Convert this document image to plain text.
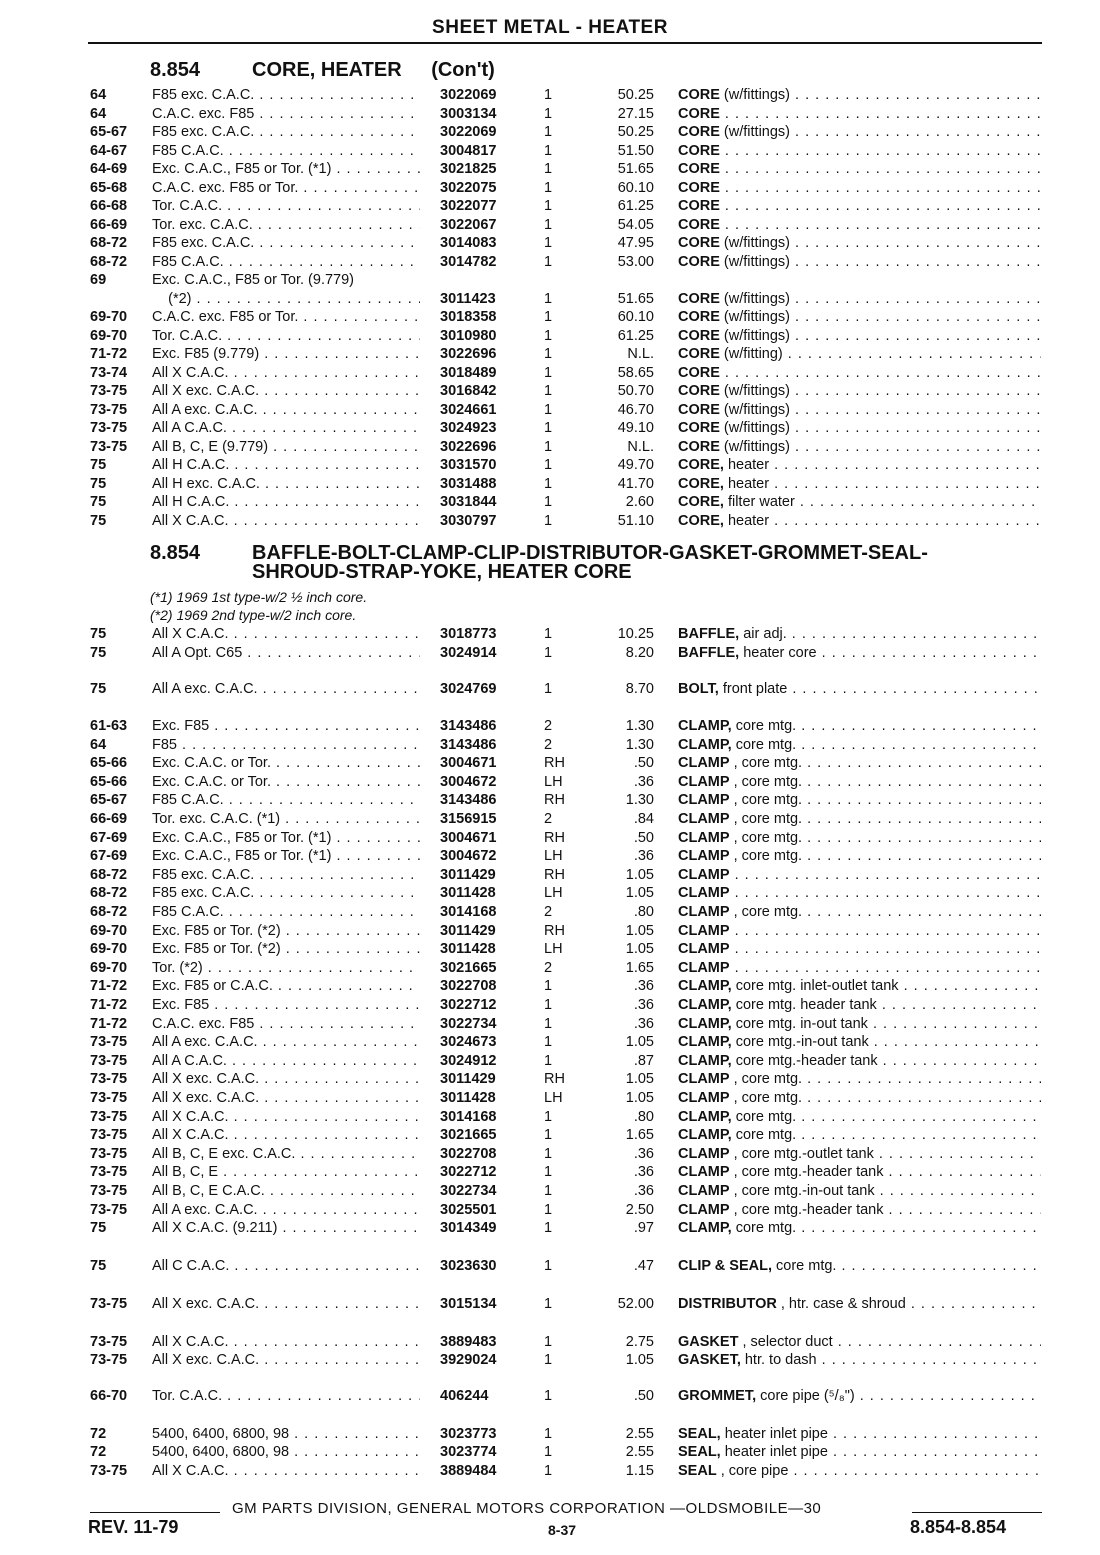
SHEET METAL - HEATER
8.854	CORE, HEATER (Con't)
64	F85 exc. C.A.C. . . .	3022069	1	50.25 CORE (w/fittings) . . .
64	C.A.C. exc. F85 . . .	3003134	1	27.15 CORE . . .
65-67 F85 exc. C.A.C. . . .	3022069	1	50.25 CORE (w/fittings) . . .
64-67 F85 C.A.C. . . .	3004817	1	51.50 CORE . . .
64-69 Exc. C.A.C., F85 or Tor. (*1) . . .	3021825	1	51.65 CORE . . .
65-68 C.A.C. exc. F85 or Tor. . . .	3022075	1	60.10 CORE . . .
66-68 Tor. C.A.C. . . .	3022077	1	61.25 CORE . . .
66-69 Tor. exc. C.A.C. . . .	3022067	1	54.05 CORE . . .
68-72 F85 exc. C.A.C. . . .	3014083	1	47.95 CORE (w/fittings) . . .
68-72 F85 C.A.C. . . .	3014782	1	53.00 CORE (w/fittings) . . .
69	Exc. C.A.C., F85 or Tor. (9.779)
(*2) . . .	3011423	1	51.65 CORE (w/fittings) . . .
69-70 C.A.C. exc. F85 or Tor. . . .	3018358	1	60.10 CORE (w/fittings) . . .
69-70 Tor. C.A.C. . . .	3010980	1	61.25 CORE (w/fittings) . . .
71-72 Exc. F85 (9.779) . . .	3022696	1	N.L. CORE (w/fitting) . . .
73-74 All X C.A.C. . . .	3018489	1	58.65 CORE . . .
73-75 All X exc. C.A.C. . . .	3016842	1	50.70 CORE (w/fittings) . . .
73-75 All A exc. C.A.C. . . .	3024661	1	46.70 CORE (w/fittings) . . .
73-75 All A C.A.C. . . .	3024923	1	49.10 CORE (w/fittings) . . .
73-75 All B, C, E (9.779) . . .	3022696	1	N.L. CORE (w/fittings) . . .
75	All H C.A.C. . . .	3031570	1	49.70 CORE, heater . . .
75	All H exc. C.A.C. . . .	3031488	1	41.70 CORE, heater . . .
75	All H C.A.C. . . .	3031844	1	2.60 CORE, filter water . . .
75	All X C.A.C. . . .	3030797	1	51.10 CORE, heater . . .
8.854	BAFFLE-BOLT-CLAMP-CLIP-DISTRIBUTOR-GASKET-GROMMET-SEAL-
SHROUD-STRAP-YOKE, HEATER CORE
(*1) 1969 1st type-w/2 ½ inch core.
(*2) 1969 2nd type-w/2 inch core.
75	All X C.A.C. . . .	3018773	1	10.25 BAFFLE, air adj. . . .
75	All A Opt. C65 . . .	3024914	1	8.20 BAFFLE, heater core . . .
75	All A exc. C.A.C. . . .	3024769	1	8.70 BOLT, front plate . . .
61-63 Exc. F85 . . .	3143486	2	1.30 CLAMP, core mtg. . . .
64	F85 . . .	3143486	2	1.30 CLAMP, core mtg. . . .
65-66 Exc. C.A.C. or Tor. . . .	3004671	RH	.50 CLAMP , core mtg. . . .
65-66 Exc. C.A.C. or Tor. . . .	3004672	LH	.36 CLAMP , core mtg. . . .
65-67 F85 C.A.C. . . .	3143486	RH	1.30 CLAMP , core mtg. . . .
66-69 Tor. exc. C.A.C. (*1) . . .	3156915	2	.84 CLAMP , core mtg. . . .
67-69 Exc. C.A.C., F85 or Tor. (*1) . . .	3004671	RH	.50 CLAMP , core mtg. . . .
67-69 Exc. C.A.C., F85 or Tor. (*1) . . .	3004672	LH	.36 CLAMP , core mtg. . . .
68-72 F85 exc. C.A.C. . . .	3011429	RH	1.05 CLAMP . . .
68-72 F85 exc. C.A.C. . . .	3011428	LH	1.05 CLAMP . . .
68-72 F85 C.A.C. . . .	3014168	2	.80 CLAMP , core mtg. . . .
69-70 Exc. F85 or Tor. (*2) . . .	3011429	RH	1.05 CLAMP . . .
69-70 Exc. F85 or Tor. (*2) . . .	3011428	LH	1.05 CLAMP . . .
69-70 Tor. (*2) . . .	3021665	2	1.65 CLAMP . . .
71-72 Exc. F85 or C.A.C. . . .	3022708	1	.36 CLAMP, core mtg. inlet-outlet tank . . .
71-72 Exc. F85 . . .	3022712	1	.36 CLAMP, core mtg. header tank . . .
71-72 C.A.C. exc. F85 . . .	3022734	1	.36 CLAMP, core mtg. in-out tank . . .
73-75 All A exc. C.A.C. . . .	3024673	1	1.05 CLAMP, core mtg.-in-out tank . . .
73-75 All A C.A.C. . . .	3024912	1	.87 CLAMP, core mtg.-header tank . . .
73-75 All X exc. C.A.C. . . .	3011429	RH	1.05 CLAMP , core mtg. . . .
73-75 All X exc. C.A.C. . . .	3011428	LH	1.05 CLAMP , core mtg. . . .
73-75 All X C.A.C. . . .	3014168	1	.80 CLAMP, core mtg. . . .
73-75 All X C.A.C. . . .	3021665	1	1.65 CLAMP, core mtg. . . .
73-75 All B, C, E exc. C.A.C. . . .	3022708	1	.36 CLAMP , core mtg.-outlet tank . . .
73-75 All B, C, E . . .	3022712	1	.36 CLAMP , core mtg.-header tank . . .
73-75 All B, C, E C.A.C. . . .	3022734	1	.36 CLAMP , core mtg.-in-out tank . . .
73-75 All A exc. C.A.C. . . .	3025501	1	2.50 CLAMP , core mtg.-header tank . . .
75	All X C.A.C. (9.211) . . .	3014349	1	.97 CLAMP, core mtg. . . .
75	All C C.A.C. . . .	3023630	1	.47 CLIP & SEAL, core mtg. . . .
73-75 All X exc. C.A.C. . . .	3015134	1	52.00 DISTRIBUTOR , htr. case & shroud . . .
73-75 All X C.A.C. . . .	3889483	1	2.75 GASKET , selector duct . . .
73-75 All X exc. C.A.C. . . .	3929024	1	1.05 GASKET, htr. to dash . . .
66-70 Tor. C.A.C. . . .	406244	1	.50 GROMMET, core pipe (⁵/₈") . . .
72	5400, 6400, 6800, 98 . . .	3023773	1	2.55 SEAL, heater inlet pipe . . .
72	5400, 6400, 6800, 98 . . .	3023774	1	2.55 SEAL, heater inlet pipe . . .
73-75 All X C.A.C. . . .	3889484	1	1.15 SEAL , core pipe . . .
GM PARTS DIVISION, GENERAL MOTORS CORPORATION —OLDSMOBILE—30
REV. 11-79	8-37	8.854-8.854
